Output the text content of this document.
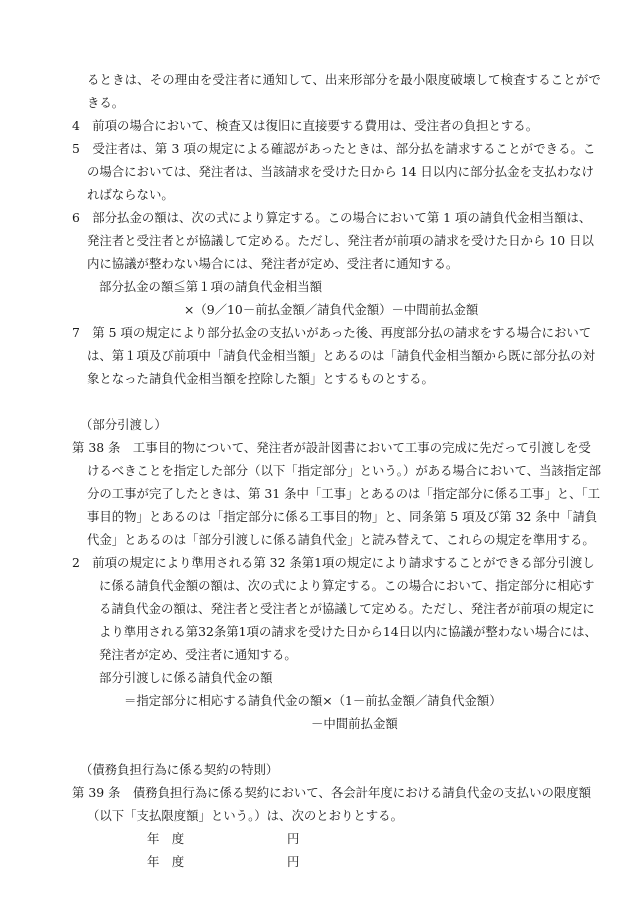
るときは、その理由を受注者に通知して、出来形部分を最小限度破壊して検査することがで

きる。

4　前項の場合において、検査又は復旧に直接要する費用は、受注者の負担とする。

5　受注者は、第 3 項の規定による確認があったときは、部分払を請求することができる。こ

の場合においては、発注者は、当該請求を受けた日から 14 日以内に部分払金を支払わなけ

ればならない。

6　部分払金の額は、次の式により算定する。この場合において第 1 項の請負代金相当額は、

発注者と受注者とが協議して定める。ただし、発注者が前項の請求を受けた日から 10 日以

内に協議が整わない場合には、発注者が定め、受注者に通知する。

部分払金の額≦第１項の請負代金相当額

×（9／10－前払金額／請負代金額）－中間前払金額

7　第 5 項の規定により部分払金の支払いがあった後、再度部分払の請求をする場合において

は、第１項及び前項中「請負代金相当額」とあるのは「請負代金相当額から既に部分払の対

象となった請負代金相当額を控除した額」とするものとする。

（部分引渡し）

第 38 条　工事目的物について、発注者が設計図書において工事の完成に先だって引渡しを受

けるべきことを指定した部分（以下「指定部分」という。）がある場合において、当該指定部

分の工事が完了したときは、第 31 条中「工事」とあるのは「指定部分に係る工事」と、「工

事目的物」とあるのは「指定部分に係る工事目的物」と、同条第 5 項及び第 32 条中「請負

代金」とあるのは「部分引渡しに係る請負代金」と読み替えて、これらの規定を準用する。

2　前項の規定により準用される第 32 条第1項の規定により請求することができる部分引渡し

に係る請負代金額の額は、次の式により算定する。この場合において、指定部分に相応す

る請負代金の額は、発注者と受注者とが協議して定める。ただし、発注者が前項の規定に

より準用される第32条第1項の請求を受けた日から14日以内に協議が整わない場合には、

発注者が定め、受注者に通知する。

部分引渡しに係る請負代金の額

＝指定部分に相応する請負代金の額×（1－前払金額／請負代金額）

－中間前払金額

（債務負担行為に係る契約の特則）

第 39 条　債務負担行為に係る契約において、各会計年度における請負代金の支払いの限度額

（以下「支払限度額」という。）は、次のとおりとする。

年　度	円

年　度	円
